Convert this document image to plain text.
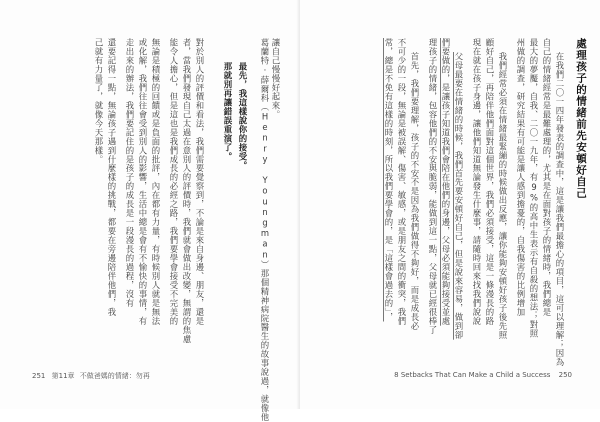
讓自己慢慢好起來。
葛蘭特‧薛爾科（Henry Youngman）那個精神病院醫生的故事說過，就像他
最先，我這樣說你的接受。
那就別再讓錯誤重演了。
對於別人的評價和看法，我們需要覺察到，不論是來自身邊、朋友，還是
者，當我們發現自己太過在意別人的評價時，我們就會做出改變，無謂的焦慮
能令人擔心，但是這也是我們成長的必經之路，我們要學會接受不完美的
無論是積極的回饋或是負面的批評，內在都有力量，有時候別人就是無法
或化解，我們往往會受到別人的影響，生活中總是會有不愉快的事情，有
走出來的辦法，我們要記住的是孩子的成長是一段漫長的過程，沒有
還要記得一點，無論孩子遇到什麼樣的挑戰，都要在旁邊陪伴他們，我
己就有力量了，就像今天那樣。
251 第11章 不做爸媽的情緒：勿再
處理孩子的情緒前先安頓好自己
在我們二〇一四年發表的調查中，這是讓我們最擔心的項目，這可以理解；因為
自己的情緒經常是最難處理的，尤其是在面對孩子的情緒時，我們總是
最大的夢魘，自我、二〇一九年，有9%的高中生表示有自殺的想法；對照
州做的調查，研究結果有可能是讓人感到擔憂的，自我傷害的比例增加
我們經常必須在情緒最緊繃的時候做出反應，讓你能夠安頓好孩子後先照
顧好自己，再陪伴他們面對這個世界，我們必須接受，這是一條漫長的路
現在就在孩子身邊，讓他們知道無論發生什麼事，請隨時回來找我們說說
父母最要在情緒的時候，我們首先要安頓好自己，但是說來容易，做到卻
們要做的，是讓孩子知道我們會陪在他們的身邊，父母必須能夠接受並處
理孩子的情緒，包容他們的不安與脆弱，能做到這一點，父母就已經很棒了
首先，我們要理解，孩子的不安不是因為我們做得不夠好，而是成長必
不可少的一段，無論是被誤解、傷害、敏感，或是朋友之間的衝突，我們
常，總是不免有這樣的時刻，所以我們要學會的，是「這樣會過去的」，
8 Setbacks That Can Make a Child a Success 250
